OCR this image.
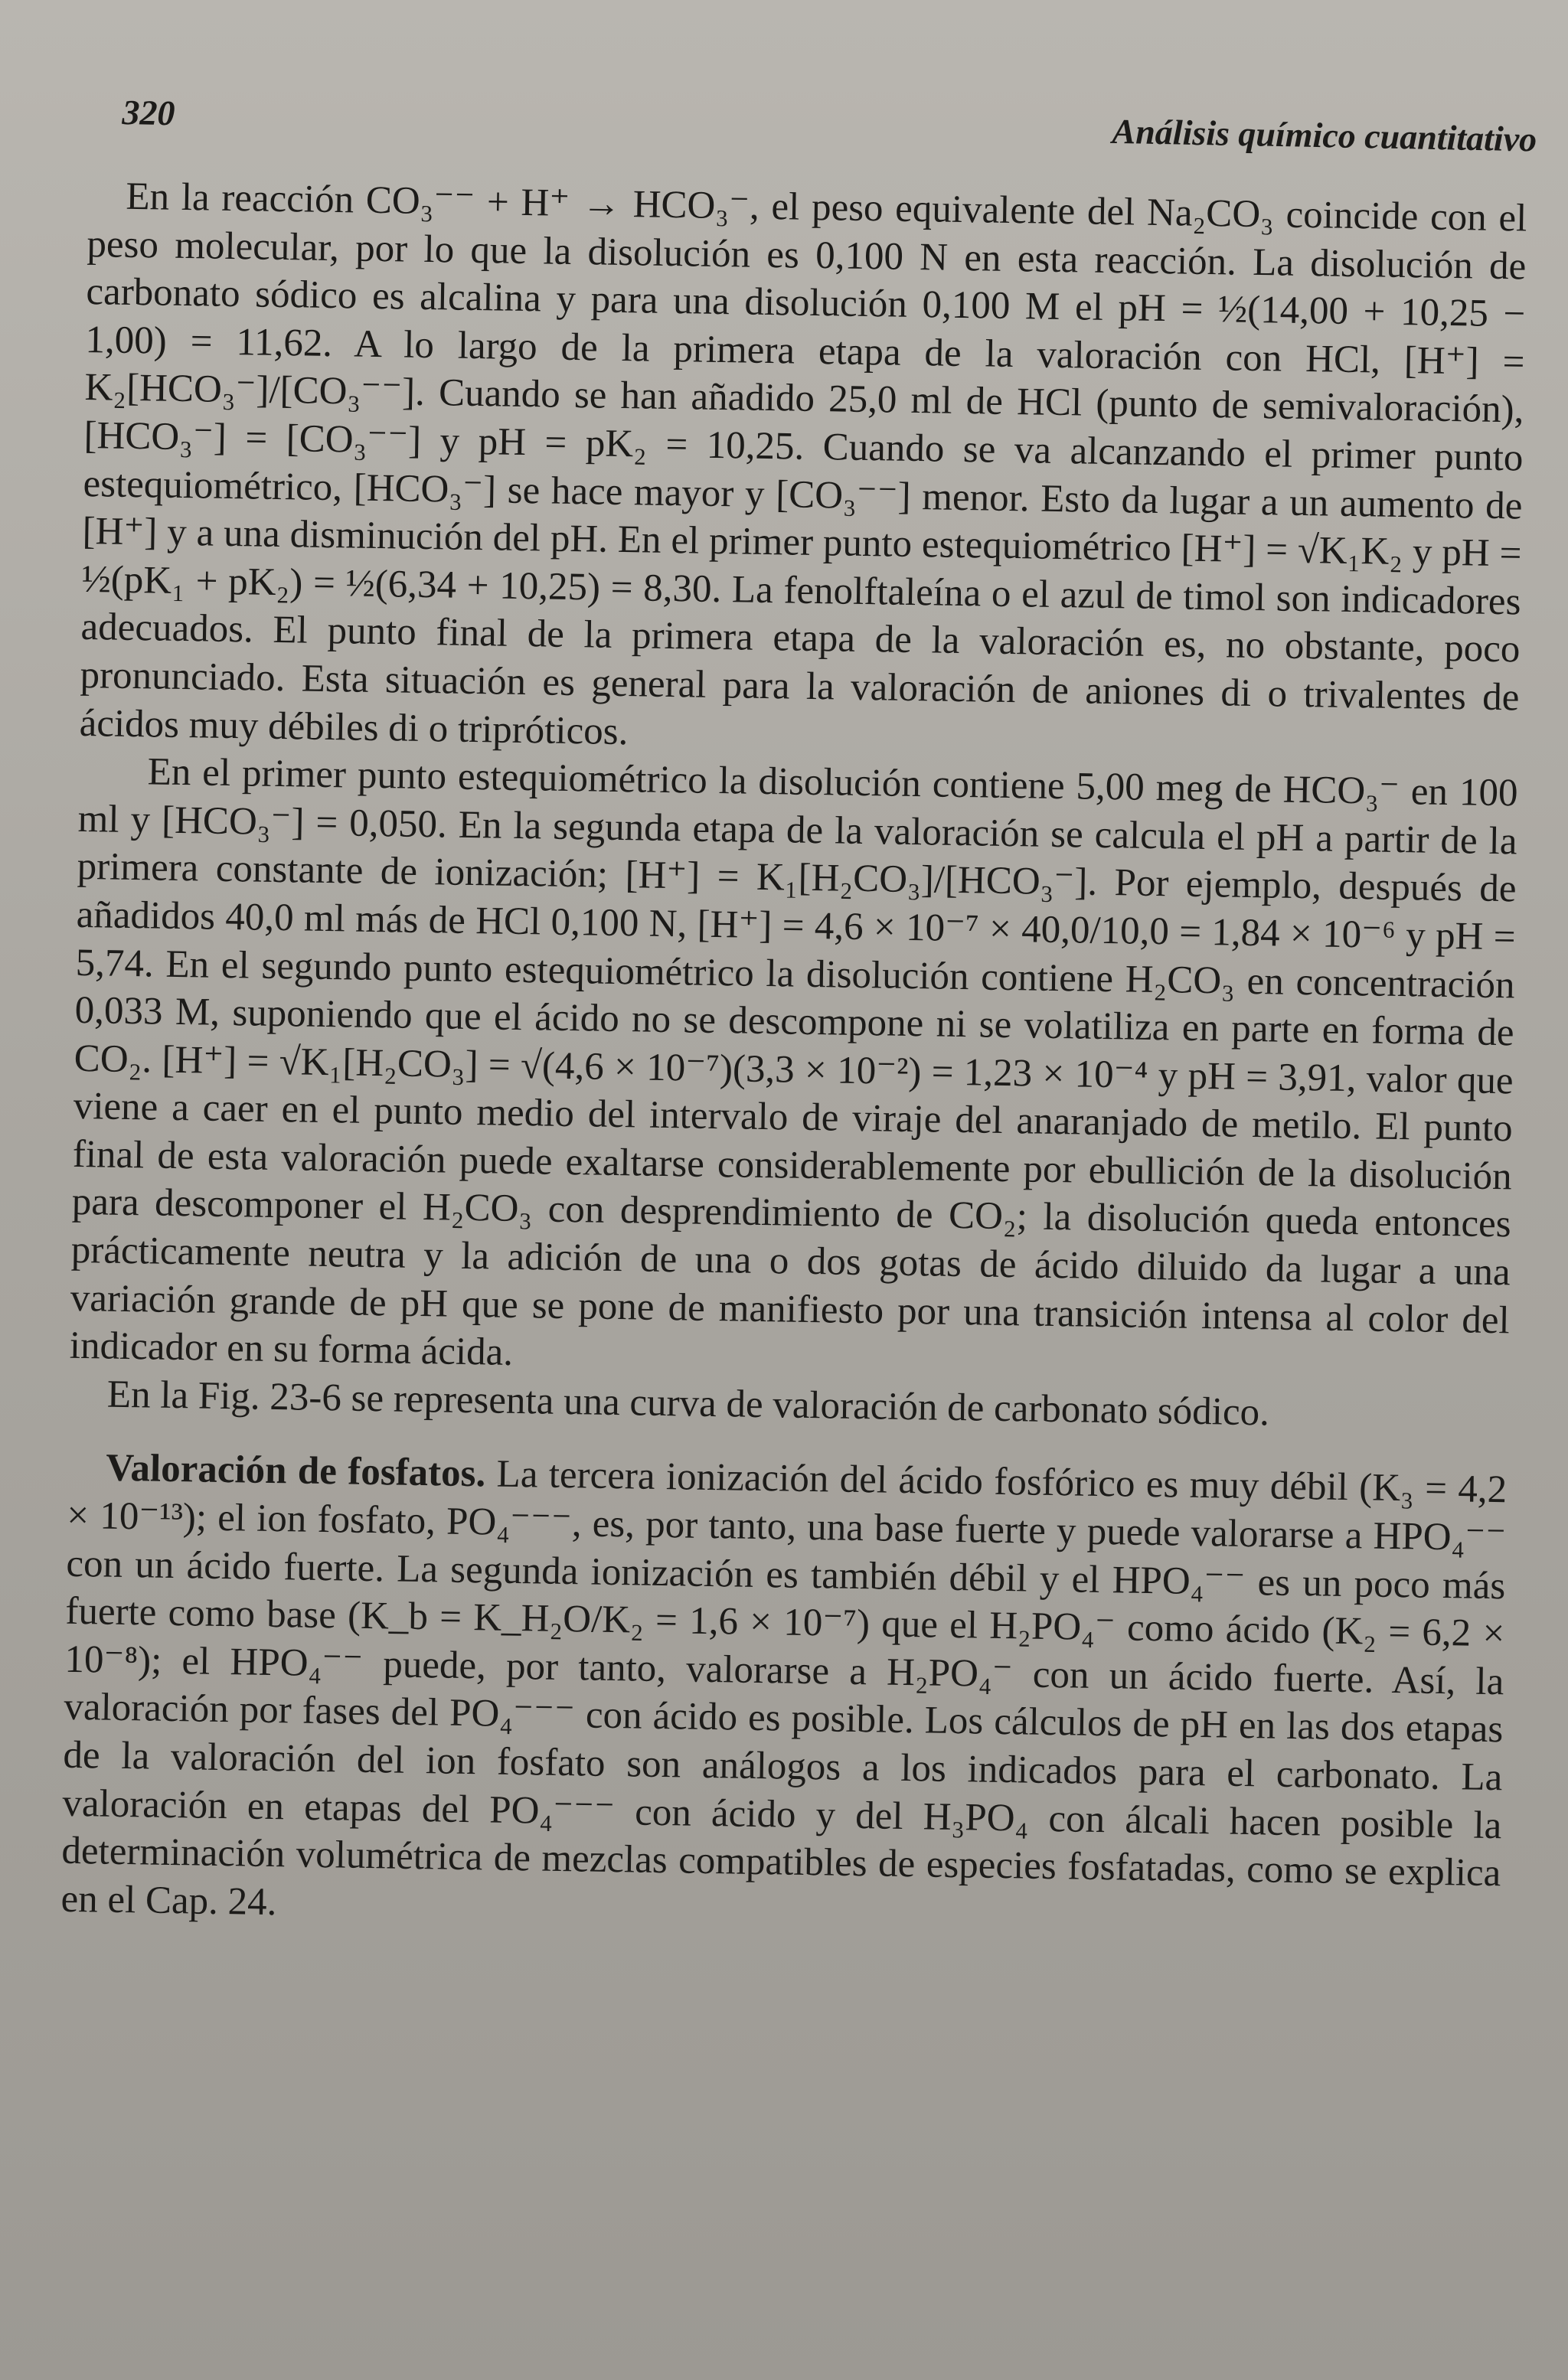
320	Análisis químico cuantitativo

En la reacción CO₃⁻⁻ + H⁺ → HCO₃⁻, el peso equivalente del Na₂CO₃ coincide con el peso molecular, por lo que la disolución es 0,100 N en esta reacción. La disolución de carbonato sódico es alcalina y para una disolución 0,100 M el pH = ½(14,00 + 10,25 − 1,00) = 11,62. A lo largo de la primera etapa de la valoración con HCl, [H⁺] = K₂[HCO₃⁻]/[CO₃⁻⁻]. Cuando se han añadido 25,0 ml de HCl (punto de semivaloración), [HCO₃⁻] = [CO₃⁻⁻] y pH = pK₂ = 10,25. Cuando se va alcanzando el primer punto estequiométrico, [HCO₃⁻] se hace mayor y [CO₃⁻⁻] menor. Esto da lugar a un aumento de [H⁺] y a una disminución del pH. En el primer punto estequiométrico [H⁺] = √K₁K₂ y pH = ½(pK₁ + pK₂) = ½(6,34 + 10,25) = 8,30. La fenolftaleína o el azul de timol son indicadores adecuados. El punto final de la primera etapa de la valoración es, no obstante, poco pronunciado. Esta situación es general para la valoración de aniones di o trivalentes de ácidos muy débiles di o tripróticos.

En el primer punto estequiométrico la disolución contiene 5,00 meg de HCO₃⁻ en 100 ml y [HCO₃⁻] = 0,050. En la segunda etapa de la valoración se calcula el pH a partir de la primera constante de ionización; [H⁺] = K₁[H₂CO₃]/[HCO₃⁻]. Por ejemplo, después de añadidos 40,0 ml más de HCl 0,100 N, [H⁺] = 4,6 × 10⁻⁷ × 40,0/10,0 = 1,84 × 10⁻⁶ y pH = 5,74. En el segundo punto estequiométrico la disolución contiene H₂CO₃ en concentración 0,033 M, suponiendo que el ácido no se descompone ni se volatiliza en parte en forma de CO₂. [H⁺] = √K₁[H₂CO₃] = √(4,6 × 10⁻⁷)(3,3 × 10⁻²) = 1,23 × 10⁻⁴ y pH = 3,91, valor que viene a caer en el punto medio del intervalo de viraje del anaranjado de metilo. El punto final de esta valoración puede exaltarse considerablemente por ebullición de la disolución para descomponer el H₂CO₃ con desprendimiento de CO₂; la disolución queda entonces prácticamente neutra y la adición de una o dos gotas de ácido diluido da lugar a una variación grande de pH que se pone de manifiesto por una transición intensa al color del indicador en su forma ácida.

En la Fig. 23-6 se representa una curva de valoración de carbonato sódico.

Valoración de fosfatos. La tercera ionización del ácido fosfórico es muy débil (K₃ = 4,2 × 10⁻¹³); el ion fosfato, PO₄⁻⁻⁻, es, por tanto, una base fuerte y puede valorarse a HPO₄⁻⁻ con un ácido fuerte. La segunda ionización es también débil y el HPO₄⁻⁻ es un poco más fuerte como base (K_b = K_H₂O/K₂ = 1,6 × 10⁻⁷) que el H₂PO₄⁻ como ácido (K₂ = 6,2 × 10⁻⁸); el HPO₄⁻⁻ puede, por tanto, valorarse a H₂PO₄⁻ con un ácido fuerte. Así, la valoración por fases del PO₄⁻⁻⁻ con ácido es posible. Los cálculos de pH en las dos etapas de la valoración del ion fosfato son análogos a los indicados para el carbonato. La valoración en etapas del PO₄⁻⁻⁻ con ácido y del H₃PO₄ con álcali hacen posible la determinación volumétrica de mezclas compatibles de especies fosfatadas, como se explica en el Cap. 24.
